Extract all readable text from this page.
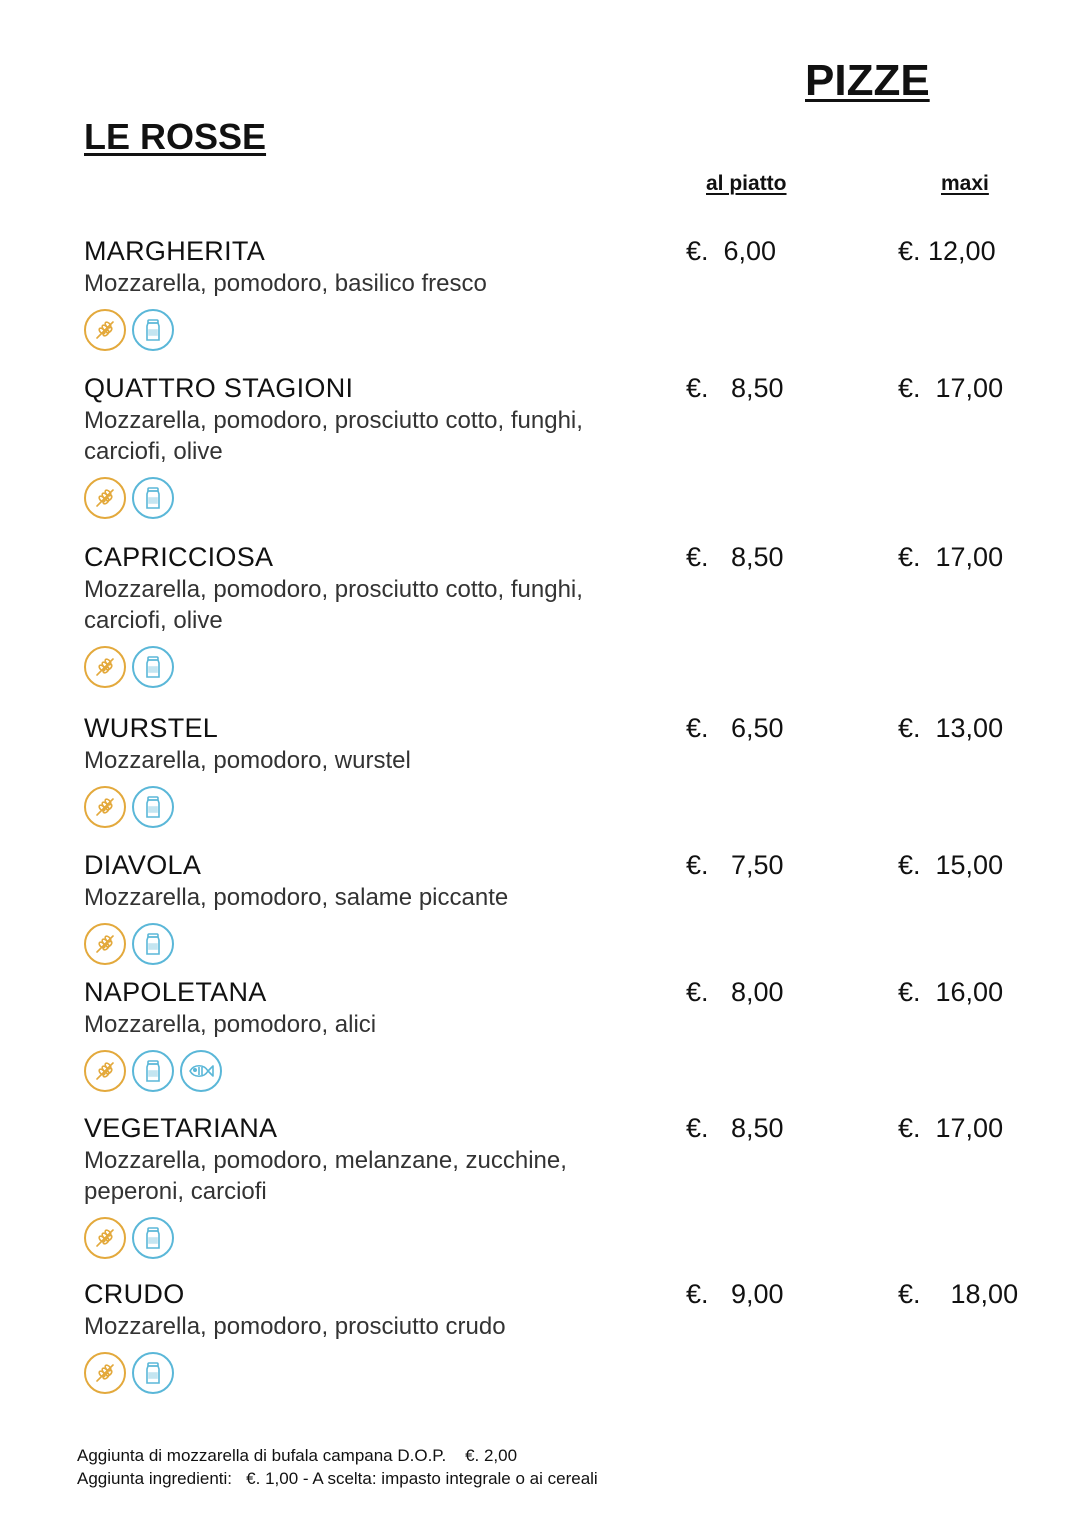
PIZZE
LE ROSSE
al piatto	maxi
MARGHERITA
Mozzarella, pomodoro, basilico fresco
€.  6,00	€. 12,00
QUATTRO STAGIONI
Mozzarella, pomodoro, prosciutto cotto, funghi, carciofi, olive
€.   8,50	€.  17,00
CAPRICCIOSA
Mozzarella, pomodoro, prosciutto cotto, funghi, carciofi, olive
€.   8,50	€.  17,00
WURSTEL
Mozzarella, pomodoro, wurstel
€.   6,50	€.  13,00
DIAVOLA
Mozzarella, pomodoro, salame piccante
€.   7,50	€.  15,00
NAPOLETANA
Mozzarella, pomodoro, alici
€.   8,00	€.  16,00
VEGETARIANA
Mozzarella, pomodoro, melanzane, zucchine, peperoni, carciofi
€.   8,50	€.  17,00
CRUDO
Mozzarella, pomodoro, prosciutto crudo
€.   9,00	€.    18,00
Aggiunta di mozzarella di bufala campana D.O.P.    €. 2,00
Aggiunta ingredienti:   €. 1,00 - A scelta: impasto integrale o ai cereali
